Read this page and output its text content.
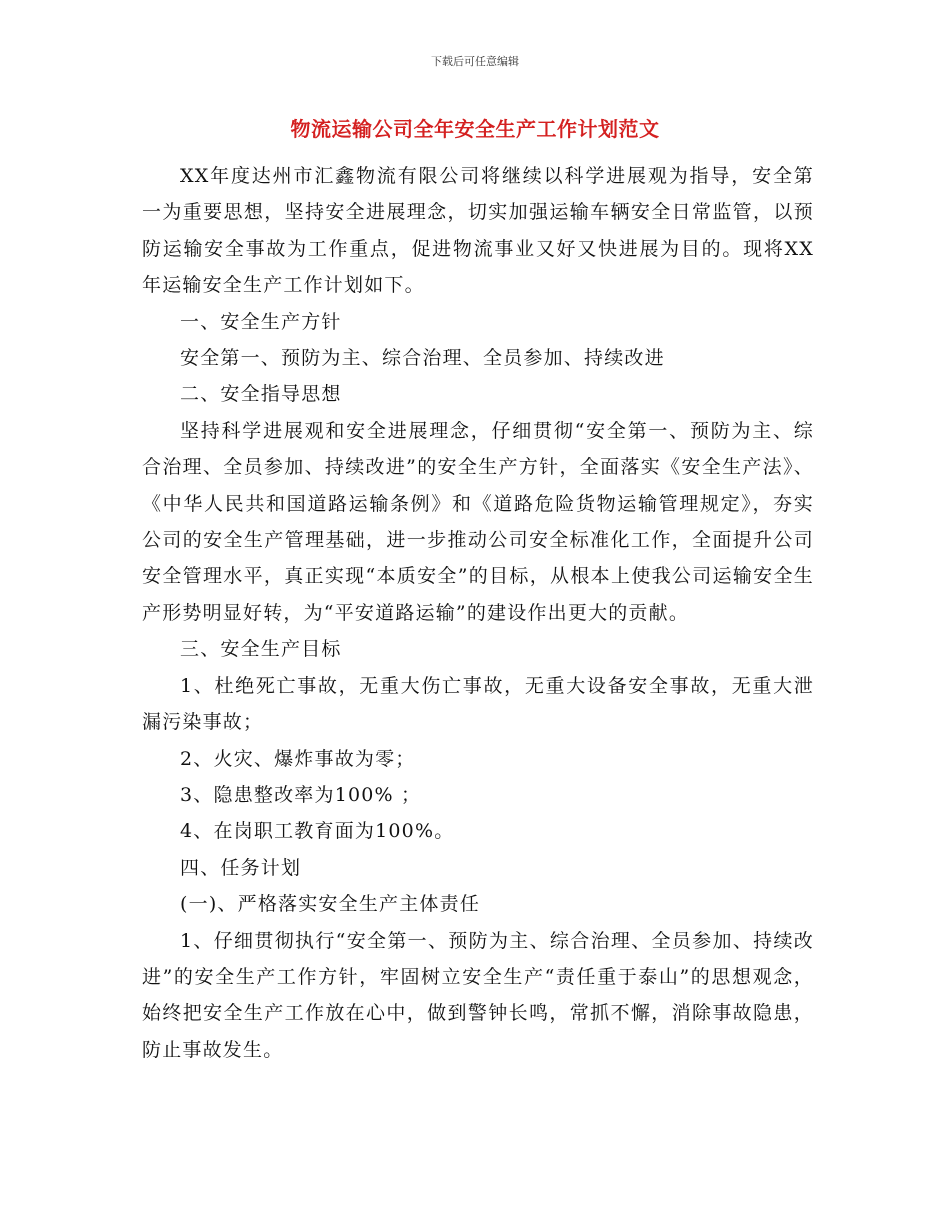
下载后可任意编辑
物流运输公司全年安全生产工作计划范文

XX年度达州市汇鑫物流有限公司将继续以科学进展观为指导，安全第一为重要思想，坚持安全进展理念，切实加强运输车辆安全日常监管，以预防运输安全事故为工作重点，促进物流事业又好又快进展为目的。现将XX年运输安全生产工作计划如下。

一、安全生产方针

安全第一、预防为主、综合治理、全员参加、持续改进

二、安全指导思想

坚持科学进展观和安全进展理念，仔细贯彻“安全第一、预防为主、综合治理、全员参加、持续改进”的安全生产方针，全面落实《安全生产法》、《中华人民共和国道路运输条例》和《道路危险货物运输管理规定》，夯实公司的安全生产管理基础，进一步推动公司安全标准化工作，全面提升公司安全管理水平，真正实现“本质安全”的目标，从根本上使我公司运输安全生产形势明显好转，为“平安道路运输”的建设作出更大的贡献。

三、安全生产目标

1、杜绝死亡事故，无重大伤亡事故，无重大设备安全事故，无重大泄漏污染事故；

2、火灾、爆炸事故为零；

3、隐患整改率为100% ；

4、在岗职工教育面为100%。

四、任务计划

(一)、严格落实安全生产主体责任

1、仔细贯彻执行“安全第一、预防为主、综合治理、全员参加、持续改进”的安全生产工作方针，牢固树立安全生产“责任重于泰山”的思想观念，始终把安全生产工作放在心中，做到警钟长鸣，常抓不懈，消除事故隐患，防止事故发生。
